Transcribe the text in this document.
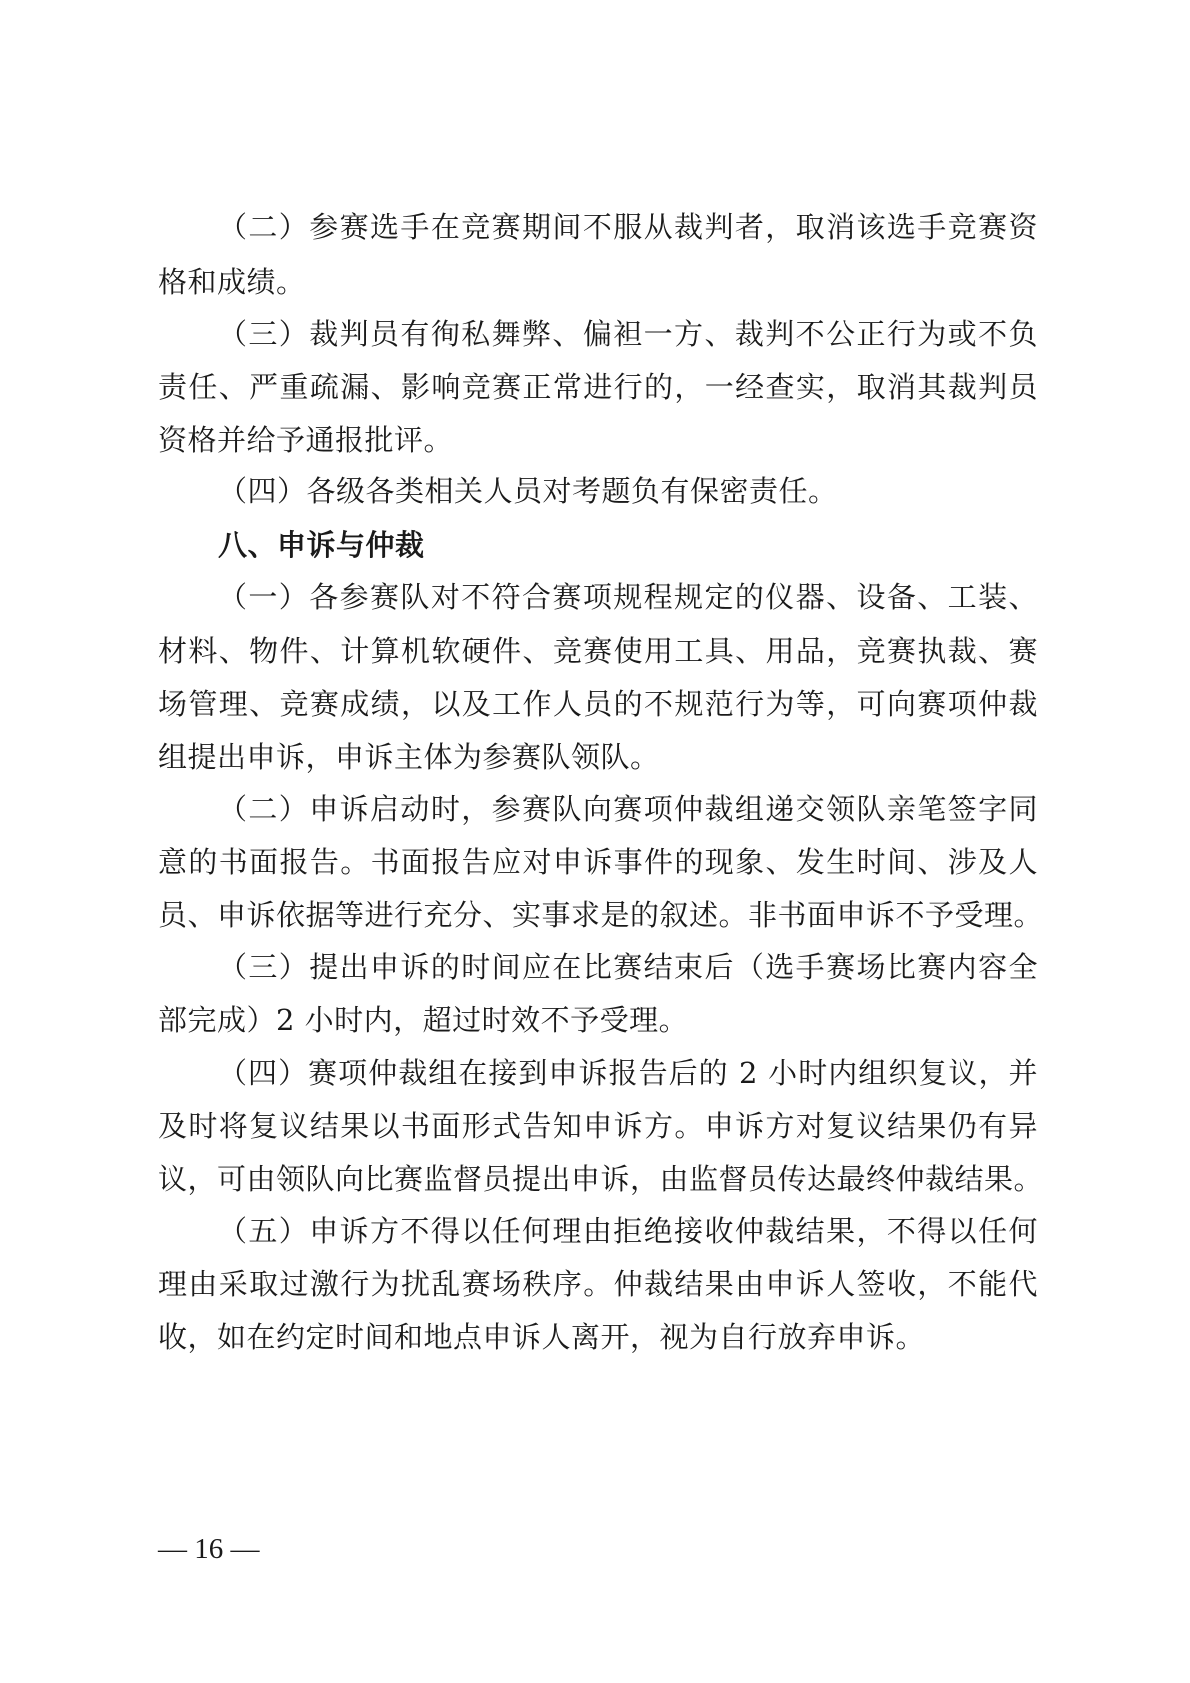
（二）参赛选手在竞赛期间不服从裁判者，取消该选手竞赛资
格和成绩。
（三）裁判员有徇私舞弊、偏袒一方、裁判不公正行为或不负
责任、严重疏漏、影响竞赛正常进行的，一经查实，取消其裁判员
资格并给予通报批评。
（四）各级各类相关人员对考题负有保密责任。
八、申诉与仲裁
（一）各参赛队对不符合赛项规程规定的仪器、设备、工装、
材料、物件、计算机软硬件、竞赛使用工具、用品，竞赛执裁、赛
场管理、竞赛成绩，以及工作人员的不规范行为等，可向赛项仲裁
组提出申诉，申诉主体为参赛队领队。
（二）申诉启动时，参赛队向赛项仲裁组递交领队亲笔签字同
意的书面报告。书面报告应对申诉事件的现象、发生时间、涉及人
员、申诉依据等进行充分、实事求是的叙述。非书面申诉不予受理。
（三）提出申诉的时间应在比赛结束后（选手赛场比赛内容全
部完成）2 小时内，超过时效不予受理。
（四）赛项仲裁组在接到申诉报告后的 2 小时内组织复议，并
及时将复议结果以书面形式告知申诉方。申诉方对复议结果仍有异
议，可由领队向比赛监督员提出申诉，由监督员传达最终仲裁结果。
（五）申诉方不得以任何理由拒绝接收仲裁结果，不得以任何
理由采取过激行为扰乱赛场秩序。仲裁结果由申诉人签收，不能代
收，如在约定时间和地点申诉人离开，视为自行放弃申诉。
— 16 —
